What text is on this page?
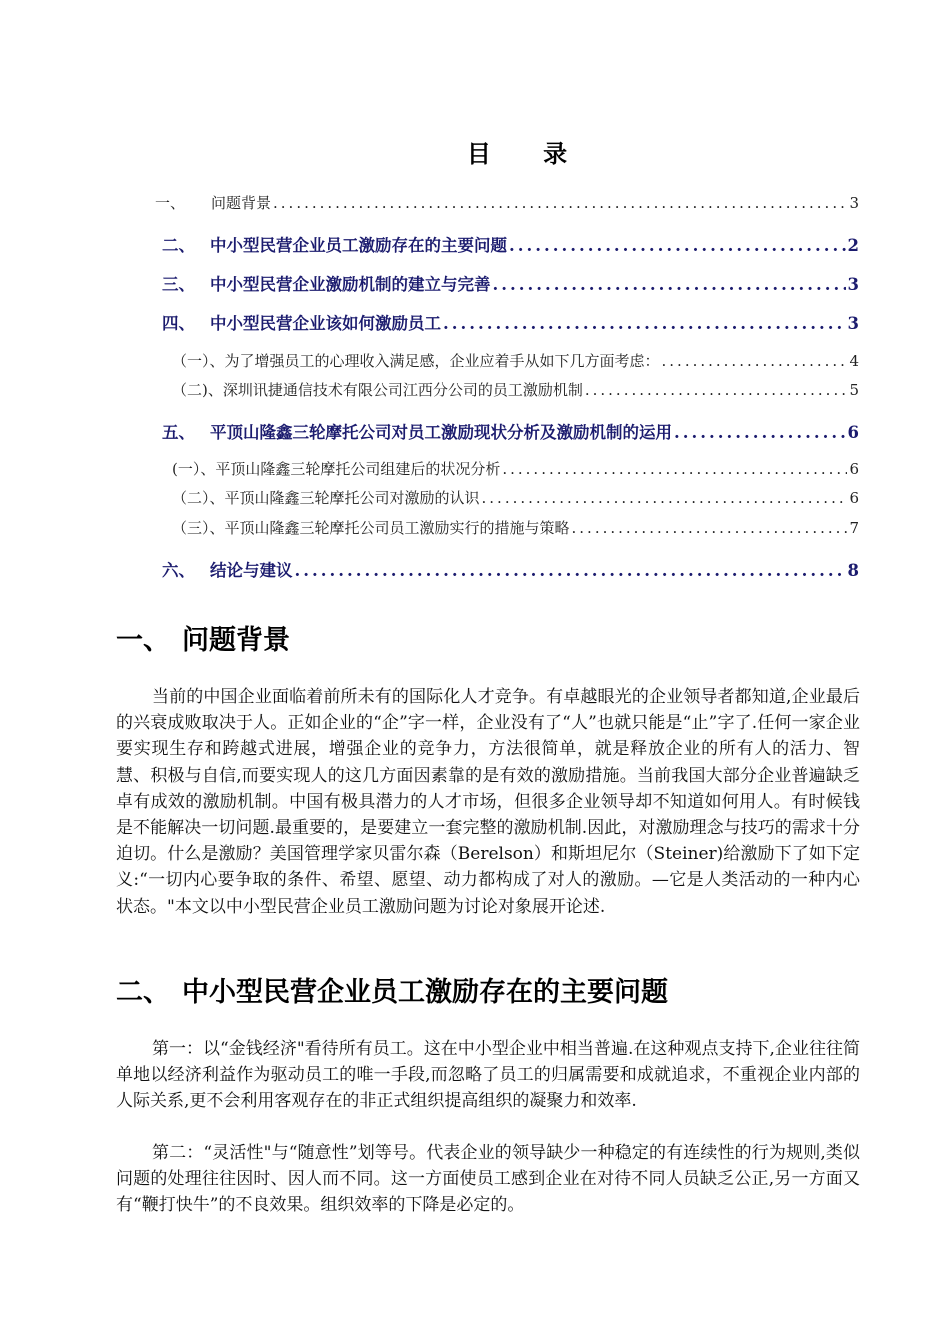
目 录
一、	问题背景 .....	3
二、 中小型民营企业员工激励存在的主要问题 .....	2
三、 中小型民营企业激励机制的建立与完善 .....	3
四、 中小型民营企业该如何激励员工 .....	3
（一）、为了增强员工的心理收入满足感，企业应着手从如下几方面考虑： .....	4
（二)、深圳讯捷通信技术有限公司江西分公司的员工激励机制 .....	5
五、 平顶山隆鑫三轮摩托公司对员工激励现状分析及激励机制的运用 .....	6
(一）、平顶山隆鑫三轮摩托公司组建后的状况分析 .....	6
（二）、平顶山隆鑫三轮摩托公司对激励的认识 .....	6
（三）、平顶山隆鑫三轮摩托公司员工激励实行的措施与策略 .....	7
六、 结论与建议 .....	8
一、 问题背景

当前的中国企业面临着前所未有的国际化人才竞争。有卓越眼光的企业领导者都知道,企业最后的兴衰成败取决于人。正如企业的“企”字一样，企业没有了“人”也就只能是“止”字了.任何一家企业要实现生存和跨越式进展，增强企业的竞争力，方法很简单，就是释放企业的所有人的活力、智慧、积极与自信,而要实现人的这几方面因素靠的是有效的激励措施。当前我国大部分企业普遍缺乏卓有成效的激励机制。中国有极具潜力的人才市场，但很多企业领导却不知道如何用人。有时候钱是不能解决一切问题.最重要的，是要建立一套完整的激励机制.因此，对激励理念与技巧的需求十分迫切。什么是激励？美国管理学家贝雷尔森（Berelson）和斯坦尼尔（Steiner)给激励下了如下定义:“一切内心要争取的条件、希望、愿望、动力都构成了对人的激励。—它是人类活动的一种内心状态。"本文以中小型民营企业员工激励问题为讨论对象展开论述.

二、 中小型民营企业员工激励存在的主要问题

第一：以“金钱经济"看待所有员工。这在中小型企业中相当普遍.在这种观点支持下,企业往往简单地以经济利益作为驱动员工的唯一手段,而忽略了员工的归属需要和成就追求，不重视企业内部的人际关系,更不会利用客观存在的非正式组织提高组织的凝聚力和效率.

第二：“灵活性"与“随意性”划等号。代表企业的领导缺少一种稳定的有连续性的行为规则,类似问题的处理往往因时、因人而不同。这一方面使员工感到企业在对待不同人员缺乏公正,另一方面又有“鞭打快牛”的不良效果。组织效率的下降是必定的。
